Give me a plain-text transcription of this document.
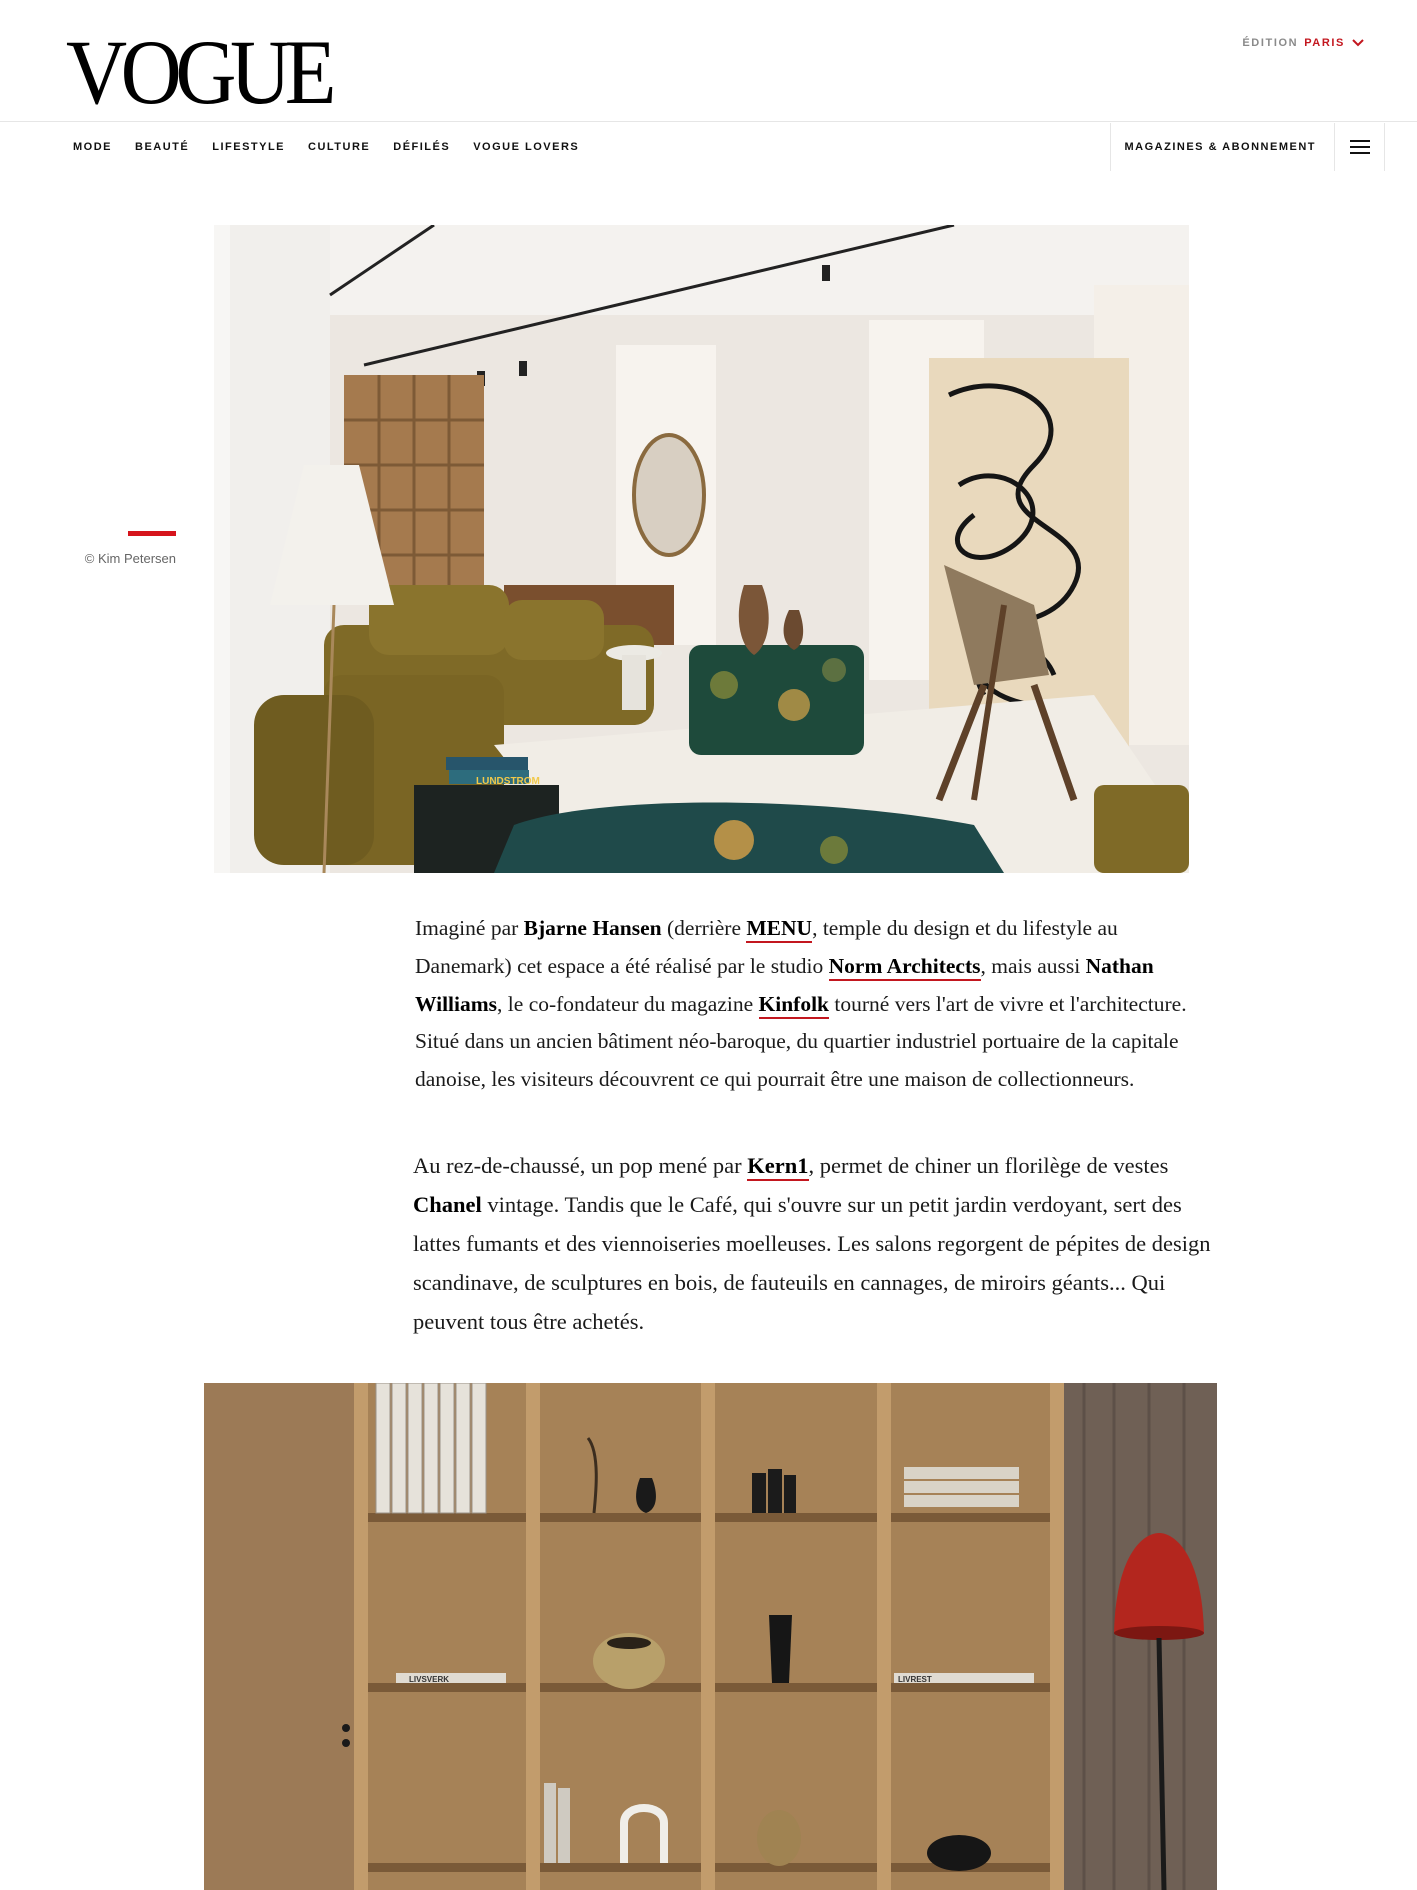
VOGUE	ÉDITION PARIS
MODE BEAUTÉ LIFESTYLE CULTURE DÉFILÉS VOGUE LOVERS	MAGAZINES & ABONNEMENT
© Kim Petersen
LUNDSTROM

Imaginé par Bjarne Hansen (derrière MENU, temple du design et du lifestyle au Danemark) cet espace a été réalisé par le studio Norm Architects, mais aussi Nathan Williams, le co-fondateur du magazine Kinfolk tourné vers l'art de vivre et l'architecture. Situé dans un ancien bâtiment néo-baroque, du quartier industriel portuaire de la capitale danoise, les visiteurs découvrent ce qui pourrait être une maison de collectionneurs.

Au rez-de-chaussé, un pop mené par Kern1, permet de chiner un florilège de vestes Chanel vintage. Tandis que le Café, qui s'ouvre sur un petit jardin verdoyant, sert des lattes fumants et des viennoiseries moelleuses. Les salons regorgent de pépites de design scandinave, de sculptures en bois, de fauteuils en cannages, de miroirs géants... Qui peuvent tous être achetés.

LIVSVERK	LIVREST
